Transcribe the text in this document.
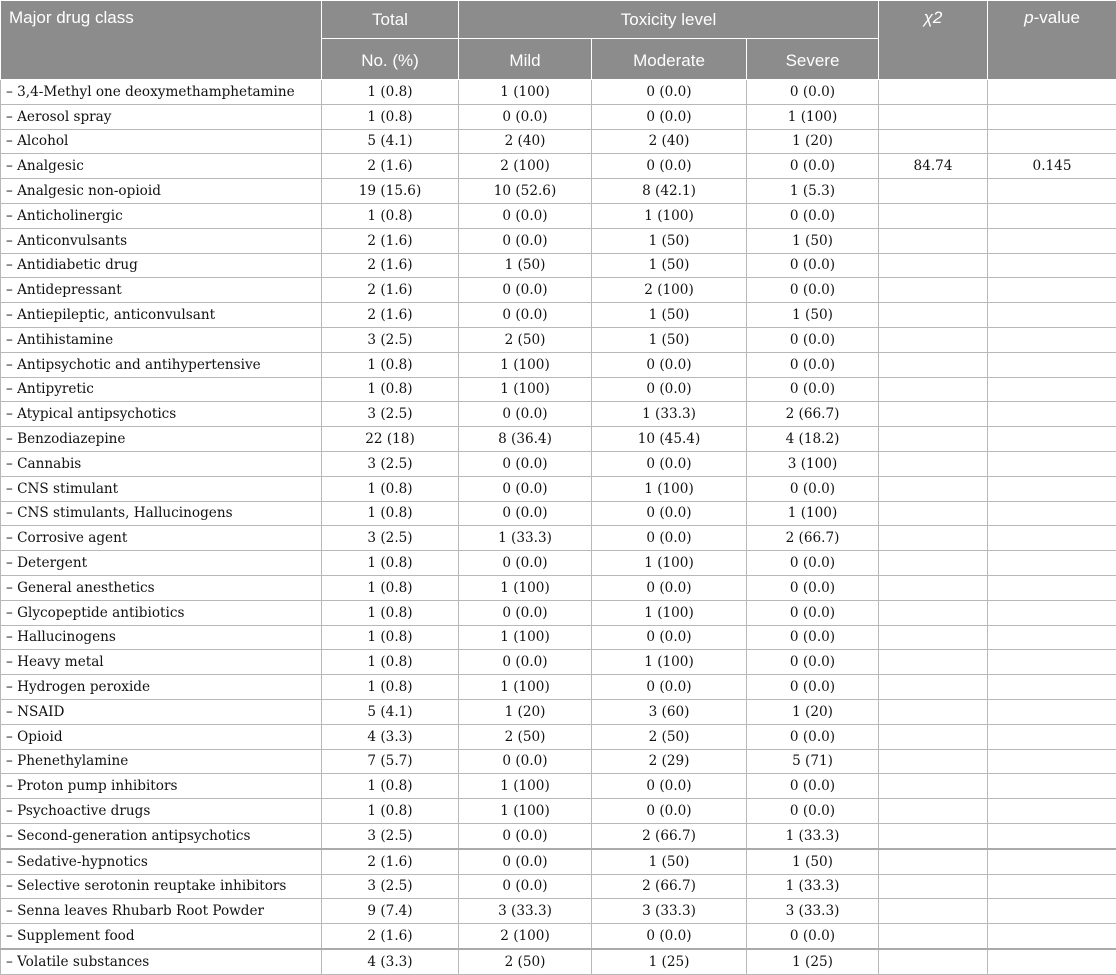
Major drug class	Total	Toxicity level			χ2	p-value
	No. (%)	Mild	Moderate	Severe		
– 3,4-Methyl one deoxymethamphetamine	1 (0.8)	1 (100)	0 (0.0)	0 (0.0)		
– Aerosol spray	1 (0.8)	0 (0.0)	0 (0.0)	1 (100)		
– Alcohol	5 (4.1)	2 (40)	2 (40)	1 (20)		
– Analgesic	2 (1.6)	2 (100)	0 (0.0)	0 (0.0)	84.74	0.145
– Analgesic non-opioid	19 (15.6)	10 (52.6)	8 (42.1)	1 (5.3)		
– Anticholinergic	1 (0.8)	0 (0.0)	1 (100)	0 (0.0)		
– Anticonvulsants	2 (1.6)	0 (0.0)	1 (50)	1 (50)		
– Antidiabetic drug	2 (1.6)	1 (50)	1 (50)	0 (0.0)		
– Antidepressant	2 (1.6)	0 (0.0)	2 (100)	0 (0.0)		
– Antiepileptic, anticonvulsant	2 (1.6)	0 (0.0)	1 (50)	1 (50)		
– Antihistamine	3 (2.5)	2 (50)	1 (50)	0 (0.0)		
– Antipsychotic and antihypertensive	1 (0.8)	1 (100)	0 (0.0)	0 (0.0)		
– Antipyretic	1 (0.8)	1 (100)	0 (0.0)	0 (0.0)		
– Atypical antipsychotics	3 (2.5)	0 (0.0)	1 (33.3)	2 (66.7)		
– Benzodiazepine	22 (18)	8 (36.4)	10 (45.4)	4 (18.2)		
– Cannabis	3 (2.5)	0 (0.0)	0 (0.0)	3 (100)		
– CNS stimulant	1 (0.8)	0 (0.0)	1 (100)	0 (0.0)		
– CNS stimulants, Hallucinogens	1 (0.8)	0 (0.0)	0 (0.0)	1 (100)		
– Corrosive agent	3 (2.5)	1 (33.3)	0 (0.0)	2 (66.7)		
– Detergent	1 (0.8)	0 (0.0)	1 (100)	0 (0.0)		
– General anesthetics	1 (0.8)	1 (100)	0 (0.0)	0 (0.0)		
– Glycopeptide antibiotics	1 (0.8)	0 (0.0)	1 (100)	0 (0.0)		
– Hallucinogens	1 (0.8)	1 (100)	0 (0.0)	0 (0.0)		
– Heavy metal	1 (0.8)	0 (0.0)	1 (100)	0 (0.0)		
– Hydrogen peroxide	1 (0.8)	1 (100)	0 (0.0)	0 (0.0)		
– NSAID	5 (4.1)	1 (20)	3 (60)	1 (20)		
– Opioid	4 (3.3)	2 (50)	2 (50)	0 (0.0)		
– Phenethylamine	7 (5.7)	0 (0.0)	2 (29)	5 (71)		
– Proton pump inhibitors	1 (0.8)	1 (100)	0 (0.0)	0 (0.0)		
– Psychoactive drugs	1 (0.8)	1 (100)	0 (0.0)	0 (0.0)		
– Second-generation antipsychotics	3 (2.5)	0 (0.0)	2 (66.7)	1 (33.3)		
– Sedative-hypnotics	2 (1.6)	0 (0.0)	1 (50)	1 (50)		
– Selective serotonin reuptake inhibitors	3 (2.5)	0 (0.0)	2 (66.7)	1 (33.3)		
– Senna leaves Rhubarb Root Powder	9 (7.4)	3 (33.3)	3 (33.3)	3 (33.3)		
– Supplement food	2 (1.6)	2 (100)	0 (0.0)	0 (0.0)		
– Volatile substances	4 (3.3)	2 (50)	1 (25)	1 (25)		
